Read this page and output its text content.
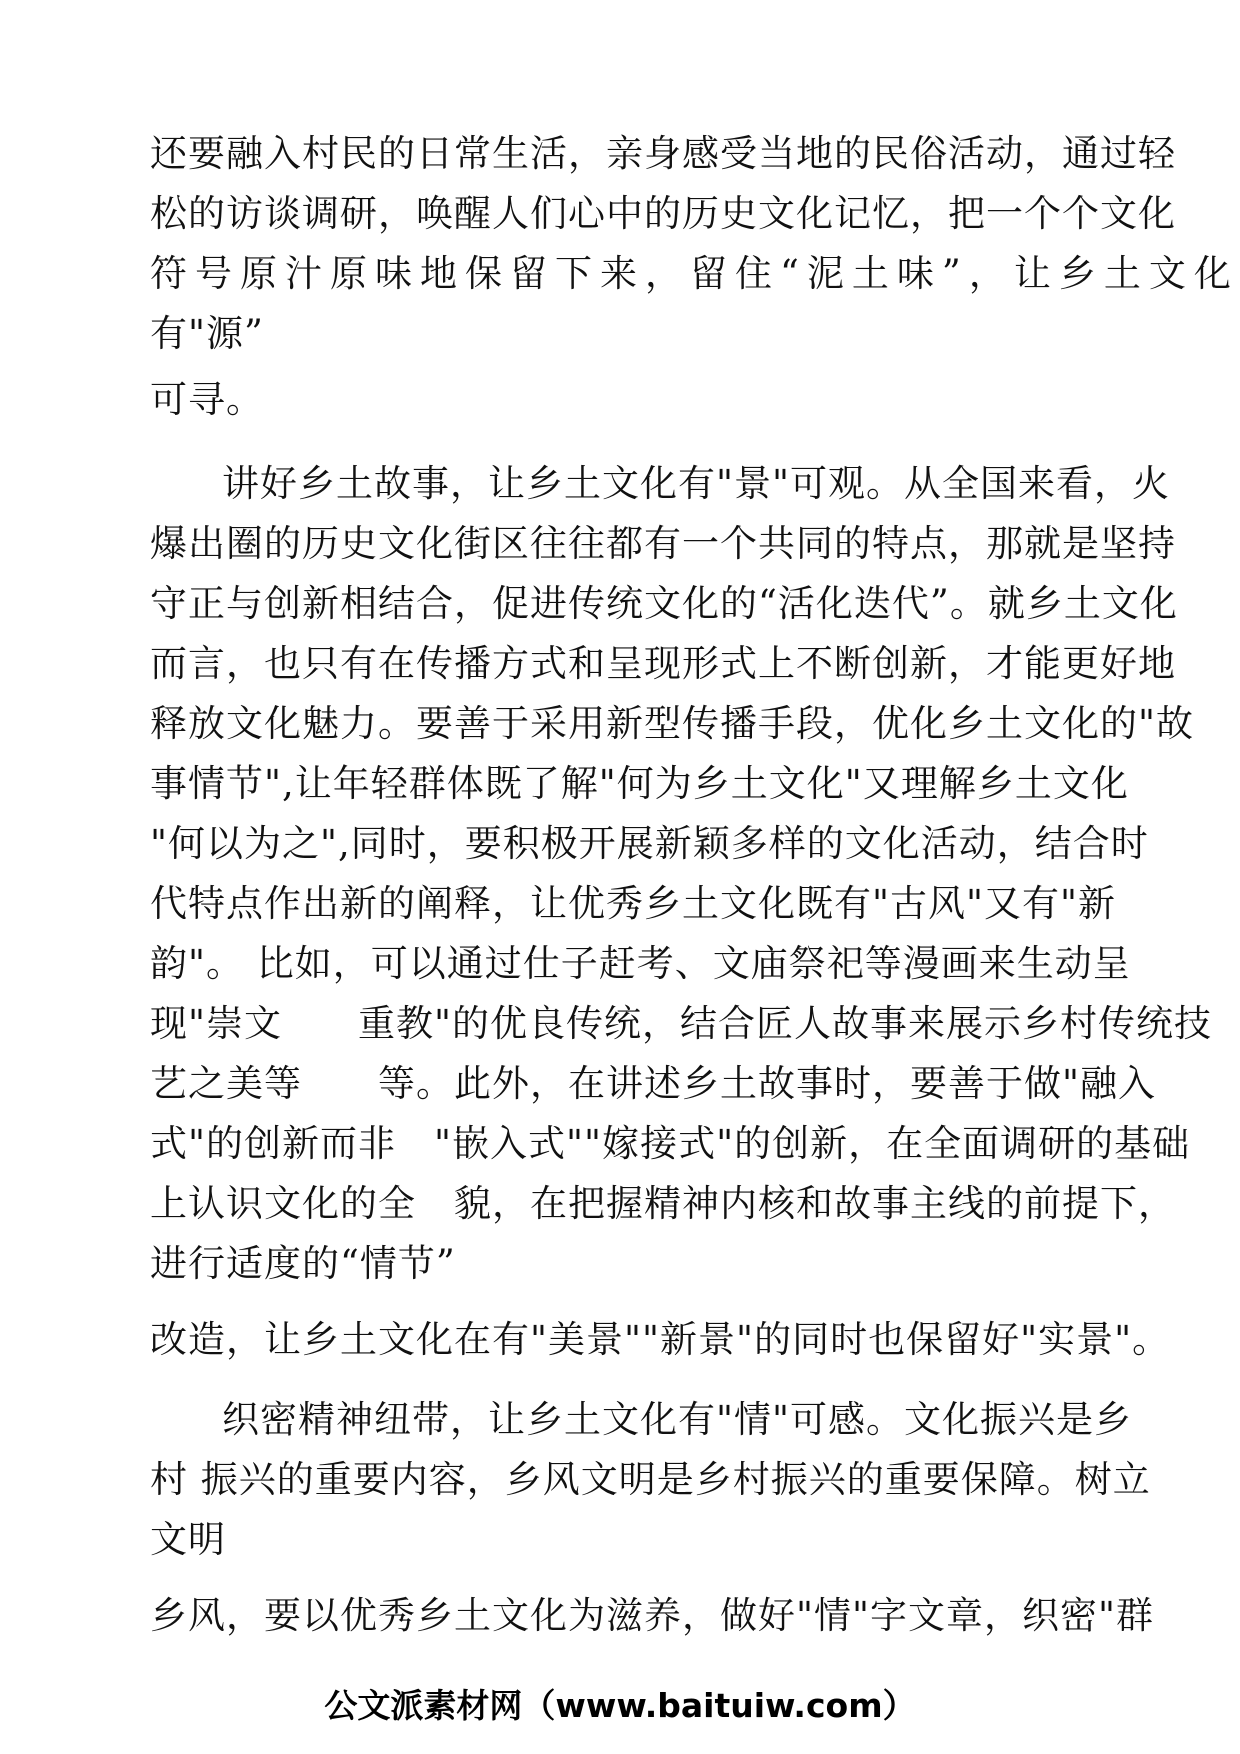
还要融入村民的日常生活，亲身感受当地的民俗活动，通过轻
松的访谈调研，唤醒人们心中的历史文化记忆，把一个个文化
符号原汁原味地保留下来，留住“泥土味”，让乡土文化
有"源”
可寻。
讲好乡土故事，让乡土文化有"景"可观。从全国来看，火
爆出圈的历史文化街区往往都有一个共同的特点，那就是坚持
守正与创新相结合，促进传统文化的“活化迭代”。就乡土文化
而言，也只有在传播方式和呈现形式上不断创新，才能更好地
释放文化魅力。要善于采用新型传播手段，优化乡土文化的"故
事情节",让年轻群体既了解"何为乡土文化"又理解乡土文化
"何以为之",同时，要积极开展新颖多样的文化活动，结合时
代特点作出新的阐释，让优秀乡土文化既有"古风"又有"新
韵"。 比如，可以通过仕子赶考、文庙祭祀等漫画来生动呈
现"崇文　　重教"的优良传统，结合匠人故事来展示乡村传统技
艺之美等　　等。此外，在讲述乡土故事时，要善于做"融入
式"的创新而非　"嵌入式""嫁接式"的创新，在全面调研的基础
上认识文化的全　貌，在把握精神内核和故事主线的前提下，
进行适度的“情节”
改造，让乡土文化在有"美景""新景"的同时也保留好"实景"。
织密精神纽带，让乡土文化有"情"可感。文化振兴是乡
村 振兴的重要内容，乡风文明是乡村振兴的重要保障。树立
文明
乡风，要以优秀乡土文化为滋养，做好"情"字文章，织密"群
公文派素材网（www.baituiw.com）
